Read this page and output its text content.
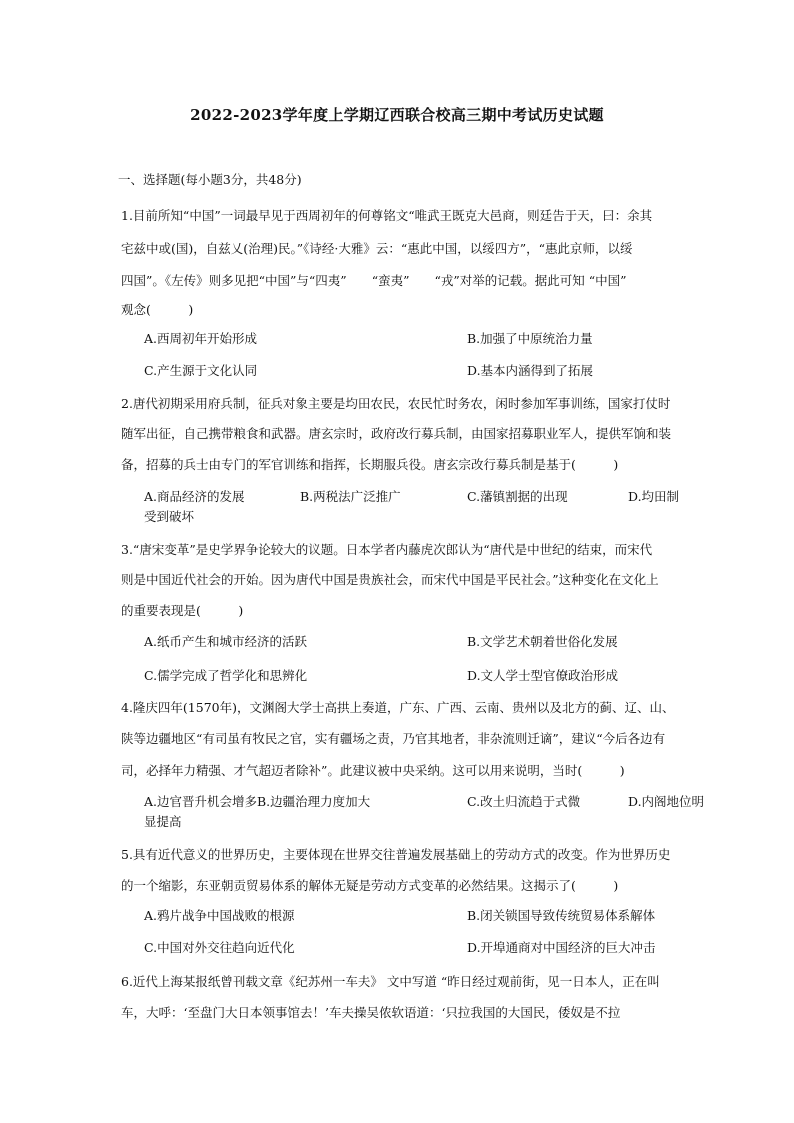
2022-2023学年度上学期辽西联合校高三期中考试历史试题
一、选择题(每小题3分，共48分)
1.目前所知“中国”一词最早见于西周初年的何尊铭文“唯武王既克大邑商，则廷告于天，曰：余其
宅兹中或(国)，自兹乂(治理)民。”《诗经·大雅》云：“惠此中国，以绥四方”，“惠此京师，以绥
四国”。《左传》则多见把“中国”与“四夷”　　“蛮夷”　　“戎”对举的记载。据此可知 “中国”
观念(　　　)
A.西周初年开始形成	B.加强了中原统治力量
C.产生源于文化认同	D.基本内涵得到了拓展
2.唐代初期采用府兵制，征兵对象主要是均田农民，农民忙时务农，闲时参加军事训练，国家打仗时
随军出征，自己携带粮食和武器。唐玄宗时，政府改行募兵制，由国家招募职业军人，提供军饷和装
备，招募的兵士由专门的军官训练和指挥，长期服兵役。唐玄宗改行募兵制是基于(　　　)
A.商品经济的发展	B.两税法广泛推广	C.藩镇割据的出现	D.均田制
受到破坏
3.“唐宋变革”是史学界争论较大的议题。日本学者内藤虎次郎认为“唐代是中世纪的结束，而宋代
则是中国近代社会的开始。因为唐代中国是贵族社会，而宋代中国是平民社会。”这种变化在文化上
的重要表现是(　　　)
A.纸币产生和城市经济的活跃	B.文学艺术朝着世俗化发展
C.儒学完成了哲学化和思辨化	D.文人学士型官僚政治形成
4.隆庆四年(1570年)，文渊阁大学士高拱上奏道，广东、广西、云南、贵州以及北方的蓟、辽、山、
陕等边疆地区“有司虽有牧民之官，实有疆场之责，乃官其地者，非杂流则迁谪”，建议“今后各边有
司，必择年力精强、才气超迈者除补”。此建议被中央采纳。这可以用来说明，当时(　　　)
A.边官晋升机会增多B.边疆治理力度加大	C.改土归流趋于式微	D.内阁地位明
显提高
5.具有近代意义的世界历史，主要体现在世界交往普遍发展基础上的劳动方式的改变。作为世界历史
的一个缩影，东亚朝贡贸易体系的解体无疑是劳动方式变革的必然结果。这揭示了(　　　)
A.鸦片战争中国战败的根源	B.闭关锁国导致传统贸易体系解体
C.中国对外交往趋向近代化	D.开埠通商对中国经济的巨大冲击
6.近代上海某报纸曾刊载文章《纪苏州一车夫》 文中写道 “昨日经过观前街，见一日本人，正在叫
车，大呼：‘至盘门大日本领事馆去！’车夫操吴侬软语道：‘只拉我国的大国民，倭奴是不拉
